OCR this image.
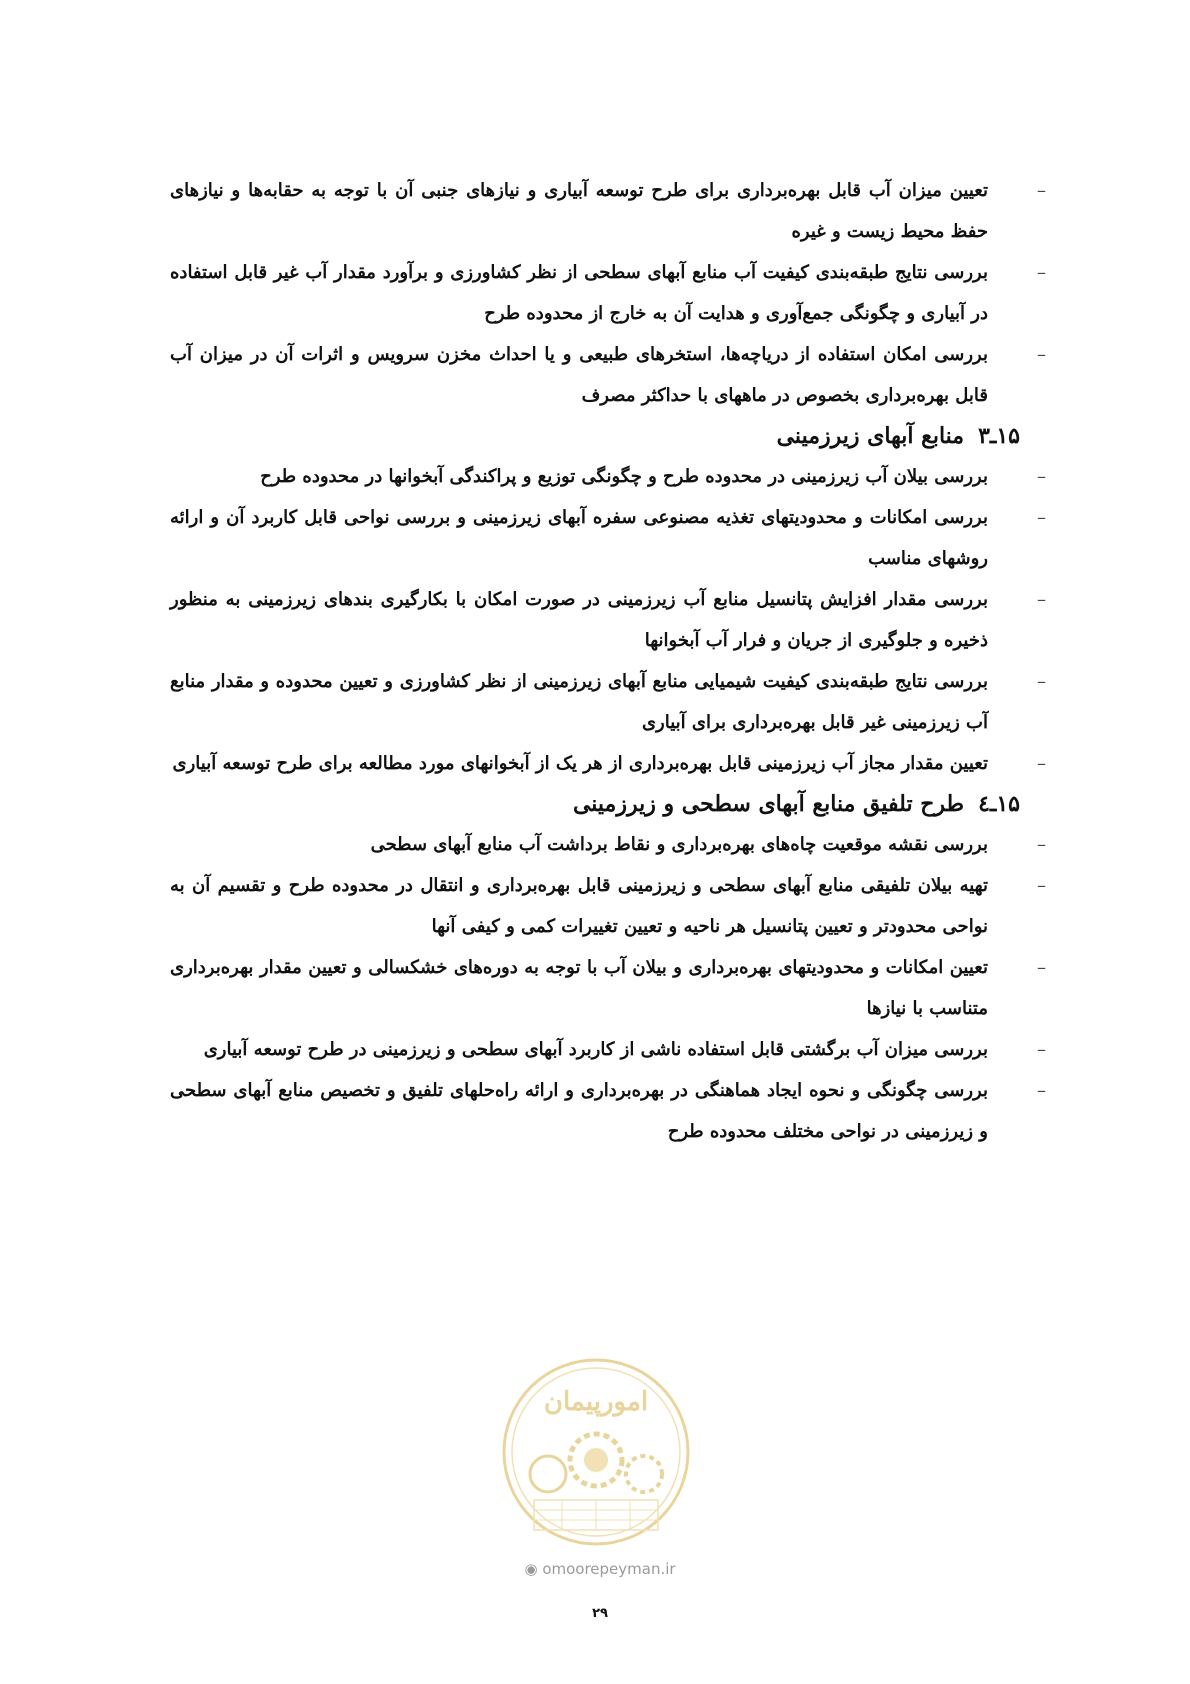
–
تعیین میزان آب قابل بهره‌برداری برای طرح توسعه آبیاری و نیازهای جنبی آن با توجه به حقابه‌ها و نیازهای حفظ محیط زیست و غیره
–
بررسی نتایج طبقه‌بندی کیفیت آب منابع آبهای سطحی از نظر کشاورزی و برآورد مقدار آب غیر قابل استفاده در آبیاری و چگونگی جمع‌آوری و هدایت آن به خارج از محدوده طرح
–
بررسی امکان استفاده از دریاچه‌ها، استخرهای طبیعی و یا احداث مخزن سرویس و اثرات آن در میزان آب قابل بهره‌برداری بخصوص در ماههای با حداکثر مصرف
۱۵ـ۳منابع آبهای زیرزمینی
–
بررسی بیلان آب زیرزمینی در محدوده طرح و چگونگی توزیع و پراکندگی آبخوانها در محدوده طرح
–
بررسی امکانات و محدودیتهای تغذیه مصنوعی سفره آبهای زیرزمینی و بررسی نواحی قابل کاربرد آن و ارائه روشهای مناسب
–
بررسی مقدار افزایش پتانسیل منابع آب زیرزمینی در صورت امکان با بکارگیری بندهای زیرزمینی به منظور ذخیره و جلوگیری از جریان و فرار آب آبخوانها
–
بررسی نتایج طبقه‌بندی کیفیت شیمیایی منابع آبهای زیرزمینی از نظر کشاورزی و تعیین محدوده و مقدار منابع آب زیرزمینی غیر قابل بهره‌برداری برای آبیاری
–
تعیین مقدار مجاز آب زیرزمینی قابل بهره‌برداری از هر یک از آبخوانهای مورد مطالعه برای طرح توسعه آبیاری
۱۵ـ٤طرح تلفیق منابع آبهای سطحی و زیرزمینی
–
بررسی نقشه موقعیت چاه‌های بهره‌برداری و نقاط برداشت آب منابع آبهای سطحی
–
تهیه بیلان تلفیقی منابع آبهای سطحی و زیرزمینی قابل بهره‌برداری و انتقال در محدوده طرح و تقسیم آن به نواحی محدودتر و تعیین پتانسیل هر ناحیه و تعیین تغییرات کمی و کیفی آنها
–
تعیین امکانات و محدودیتهای بهره‌برداری و بیلان آب با توجه به دوره‌های خشکسالی و تعیین مقدار بهره‌برداری متناسب با نیازها
–
بررسی میزان آب برگشتی قابل استفاده ناشی از کاربرد آبهای سطحی و زیرزمینی در طرح توسعه آبیاری
–
بررسی چگونگی و نحوه ایجاد هماهنگی در بهره‌برداری و ارائه راه‌حلهای تلفیق و تخصیص منابع آبهای سطحی و زیرزمینی در نواحی مختلف محدوده طرح
امورپیمان
◉ omoorepeyman.ir
۲۹
